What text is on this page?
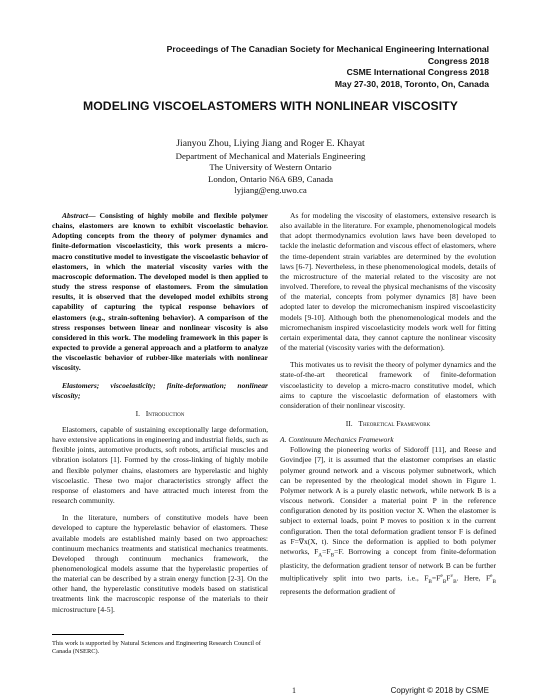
Proceedings of The Canadian Society for Mechanical Engineering International Congress 2018
CSME International Congress 2018
May 27-30, 2018, Toronto, On, Canada
MODELING VISCOELASTOMERS WITH NONLINEAR VISCOSITY
Jianyou Zhou, Liying Jiang and Roger E. Khayat
Department of Mechanical and Materials Engineering
The University of Western Ontario
London, Ontario N6A 6B9, Canada
lyjiang@eng.uwo.ca

Abstract— Consisting of highly mobile and flexible polymer chains, elastomers are known to exhibit viscoelastic behavior. Adopting concepts from the theory of polymer dynamics and finite-deformation viscoelasticity, this work presents a micro-macro constitutive model to investigate the viscoelastic behavior of elastomers, in which the material viscosity varies with the macroscopic deformation. The developed model is then applied to study the stress response of elastomers. From the simulation results, it is observed that the developed model exhibits strong capability of capturing the typical response behaviors of elastomers (e.g., strain-softening behavior). A comparison of the stress responses between linear and nonlinear viscosity is also considered in this work. The modeling framework in this paper is expected to provide a general approach and a platform to analyze the viscoelastic behavior of rubber-like materials with nonlinear viscosity.

Elastomers; viscoelasticity; finite-deformation; nonlinear viscosity;

I. Introduction

Elastomers, capable of sustaining exceptionally large deformation, have extensive applications in engineering and industrial fields, such as flexible joints, automotive products, soft robots, artificial muscles and vibration isolators [1]. Formed by the cross-linking of highly mobile and flexible polymer chains, elastomers are hyperelastic and highly viscoelastic. These two major characteristics strongly affect the response of elastomers and have attracted much interest from the research community.

In the literature, numbers of constitutive models have been developed to capture the hyperelastic behavior of elastomers. These available models are established mainly based on two approaches: continuum mechanics treatments and statistical mechanics treatments. Developed through continuum mechanics framework, the phenomenological models assume that the hyperelastic properties of the material can be described by a strain energy function [2-3]. On the other hand, the hyperelastic constitutive models based on statistical treatments link the macroscopic response of the materials to their microstructure [4-5].

This work is supported by Natural Sciences and Engineering Research Council of Canada (NSERC).

As for modeling the viscosity of elastomers, extensive research is also available in the literature. For example, phenomenological models that adopt thermodynamics evolution laws have been developed to tackle the inelastic deformation and viscous effect of elastomers, where the time-dependent strain variables are determined by the evolution laws [6-7]. Nevertheless, in these phenomenological models, details of the microstructure of the material related to the viscosity are not involved. Therefore, to reveal the physical mechanisms of the viscosity of the material, concepts from polymer dynamics [8] have been adopted later to develop the micromechanism inspired viscoelasticity models [9-10]. Although both the phenomenological models and the micromechanism inspired viscoelasticity models work well for fitting certain experimental data, they cannot capture the nonlinear viscosity of the material (viscosity varies with the deformation).

This motivates us to revisit the theory of polymer dynamics and the state-of-the-art theoretical framework of finite-deformation viscoelasticity to develop a micro-macro constitutive model, which aims to capture the viscoelastic deformation of elastomers with consideration of their nonlinear viscosity.

II. Theoretical Framework

A. Continuum Mechanics Framework

Following the pioneering works of Sidoroff [11], and Reese and Govindjee [7], it is assumed that the elastomer comprises an elastic polymer ground network and a viscous polymer subnetwork, which can be represented by the rheological model shown in Figure 1. Polymer network A is a purely elastic network, while network B is a viscous network. Consider a material point P in the reference configuration denoted by its position vector X. When the elastomer is subject to external loads, point P moves to position x in the current configuration. Then the total deformation gradient tensor F is defined as F=∇x(X, t). Since the deformation is applied to both polymer networks, $F_A=F_B=F$. Borrowing a concept from finite-deformation plasticity, the deformation gradient tensor of network B can be further multiplicatively split into two parts, i.e., $F_B=F^e_BF^v_B$. Here, $F^e_B$ represents the deformation gradient of

1	Copyright © 2018 by CSME
